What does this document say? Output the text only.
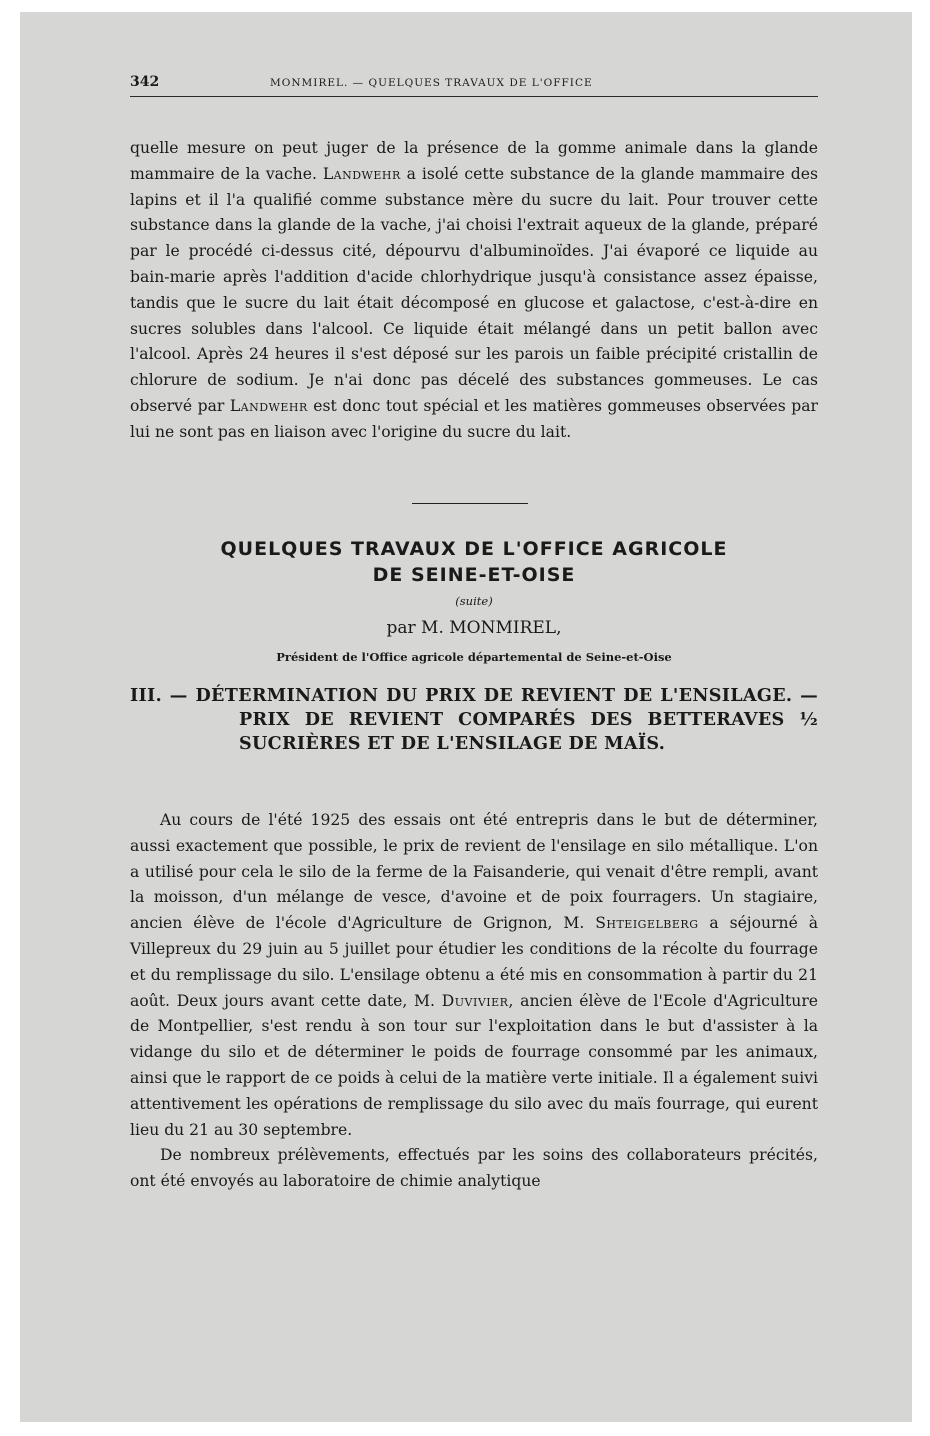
342	MONMIREL. — QUELQUES TRAVAUX DE L'OFFICE

quelle mesure on peut juger de la présence de la gomme animale dans la glande mammaire de la vache. Landwehr a isolé cette substance de la glande mammaire des lapins et il l'a qualifié comme substance mère du sucre du lait. Pour trouver cette substance dans la glande de la vache, j'ai choisi l'extrait aqueux de la glande, préparé par le procédé ci-dessus cité, dépourvu d'albuminoïdes. J'ai évaporé ce liquide au bain-marie après l'addition d'acide chlorhydrique jusqu'à consistance assez épaisse, tandis que le sucre du lait était décomposé en glucose et galactose, c'est-à-dire en sucres solubles dans l'alcool. Ce liquide était mélangé dans un petit ballon avec l'alcool. Après 24 heures il s'est déposé sur les parois un faible précipité cristallin de chlorure de sodium. Je n'ai donc pas décelé des substances gommeuses. Le cas observé par Landwehr est donc tout spécial et les matières gommeuses observées par lui ne sont pas en liaison avec l'origine du sucre du lait.

QUELQUES TRAVAUX DE L'OFFICE AGRICOLE
DE SEINE-ET-OISE
(suite)
par M. MONMIREL,
Président de l'Office agricole départemental de Seine-et-Oise
III. — DÉTERMINATION DU PRIX DE REVIENT DE L'ENSILAGE. — PRIX DE REVIENT COMPARÉS DES BETTERAVES ½ SUCRIÈRES ET DE L'ENSILAGE DE MAÏS.

Au cours de l'été 1925 des essais ont été entrepris dans le but de déterminer, aussi exactement que possible, le prix de revient de l'ensilage en silo métallique. L'on a utilisé pour cela le silo de la ferme de la Faisanderie, qui venait d'être rempli, avant la moisson, d'un mélange de vesce, d'avoine et de poix fourragers. Un stagiaire, ancien élève de l'école d'Agriculture de Grignon, M. Shteigelberg a séjourné à Villepreux du 29 juin au 5 juillet pour étudier les conditions de la récolte du fourrage et du remplissage du silo. L'ensilage obtenu a été mis en consommation à partir du 21 août. Deux jours avant cette date, M. Duvivier, ancien élève de l'Ecole d'Agriculture de Montpellier, s'est rendu à son tour sur l'exploitation dans le but d'assister à la vidange du silo et de déterminer le poids de fourrage consommé par les animaux, ainsi que le rapport de ce poids à celui de la matière verte initiale. Il a également suivi attentivement les opérations de remplissage du silo avec du maïs fourrage, qui eurent lieu du 21 au 30 septembre.

De nombreux prélèvements, effectués par les soins des collaborateurs précités, ont été envoyés au laboratoire de chimie analytique
